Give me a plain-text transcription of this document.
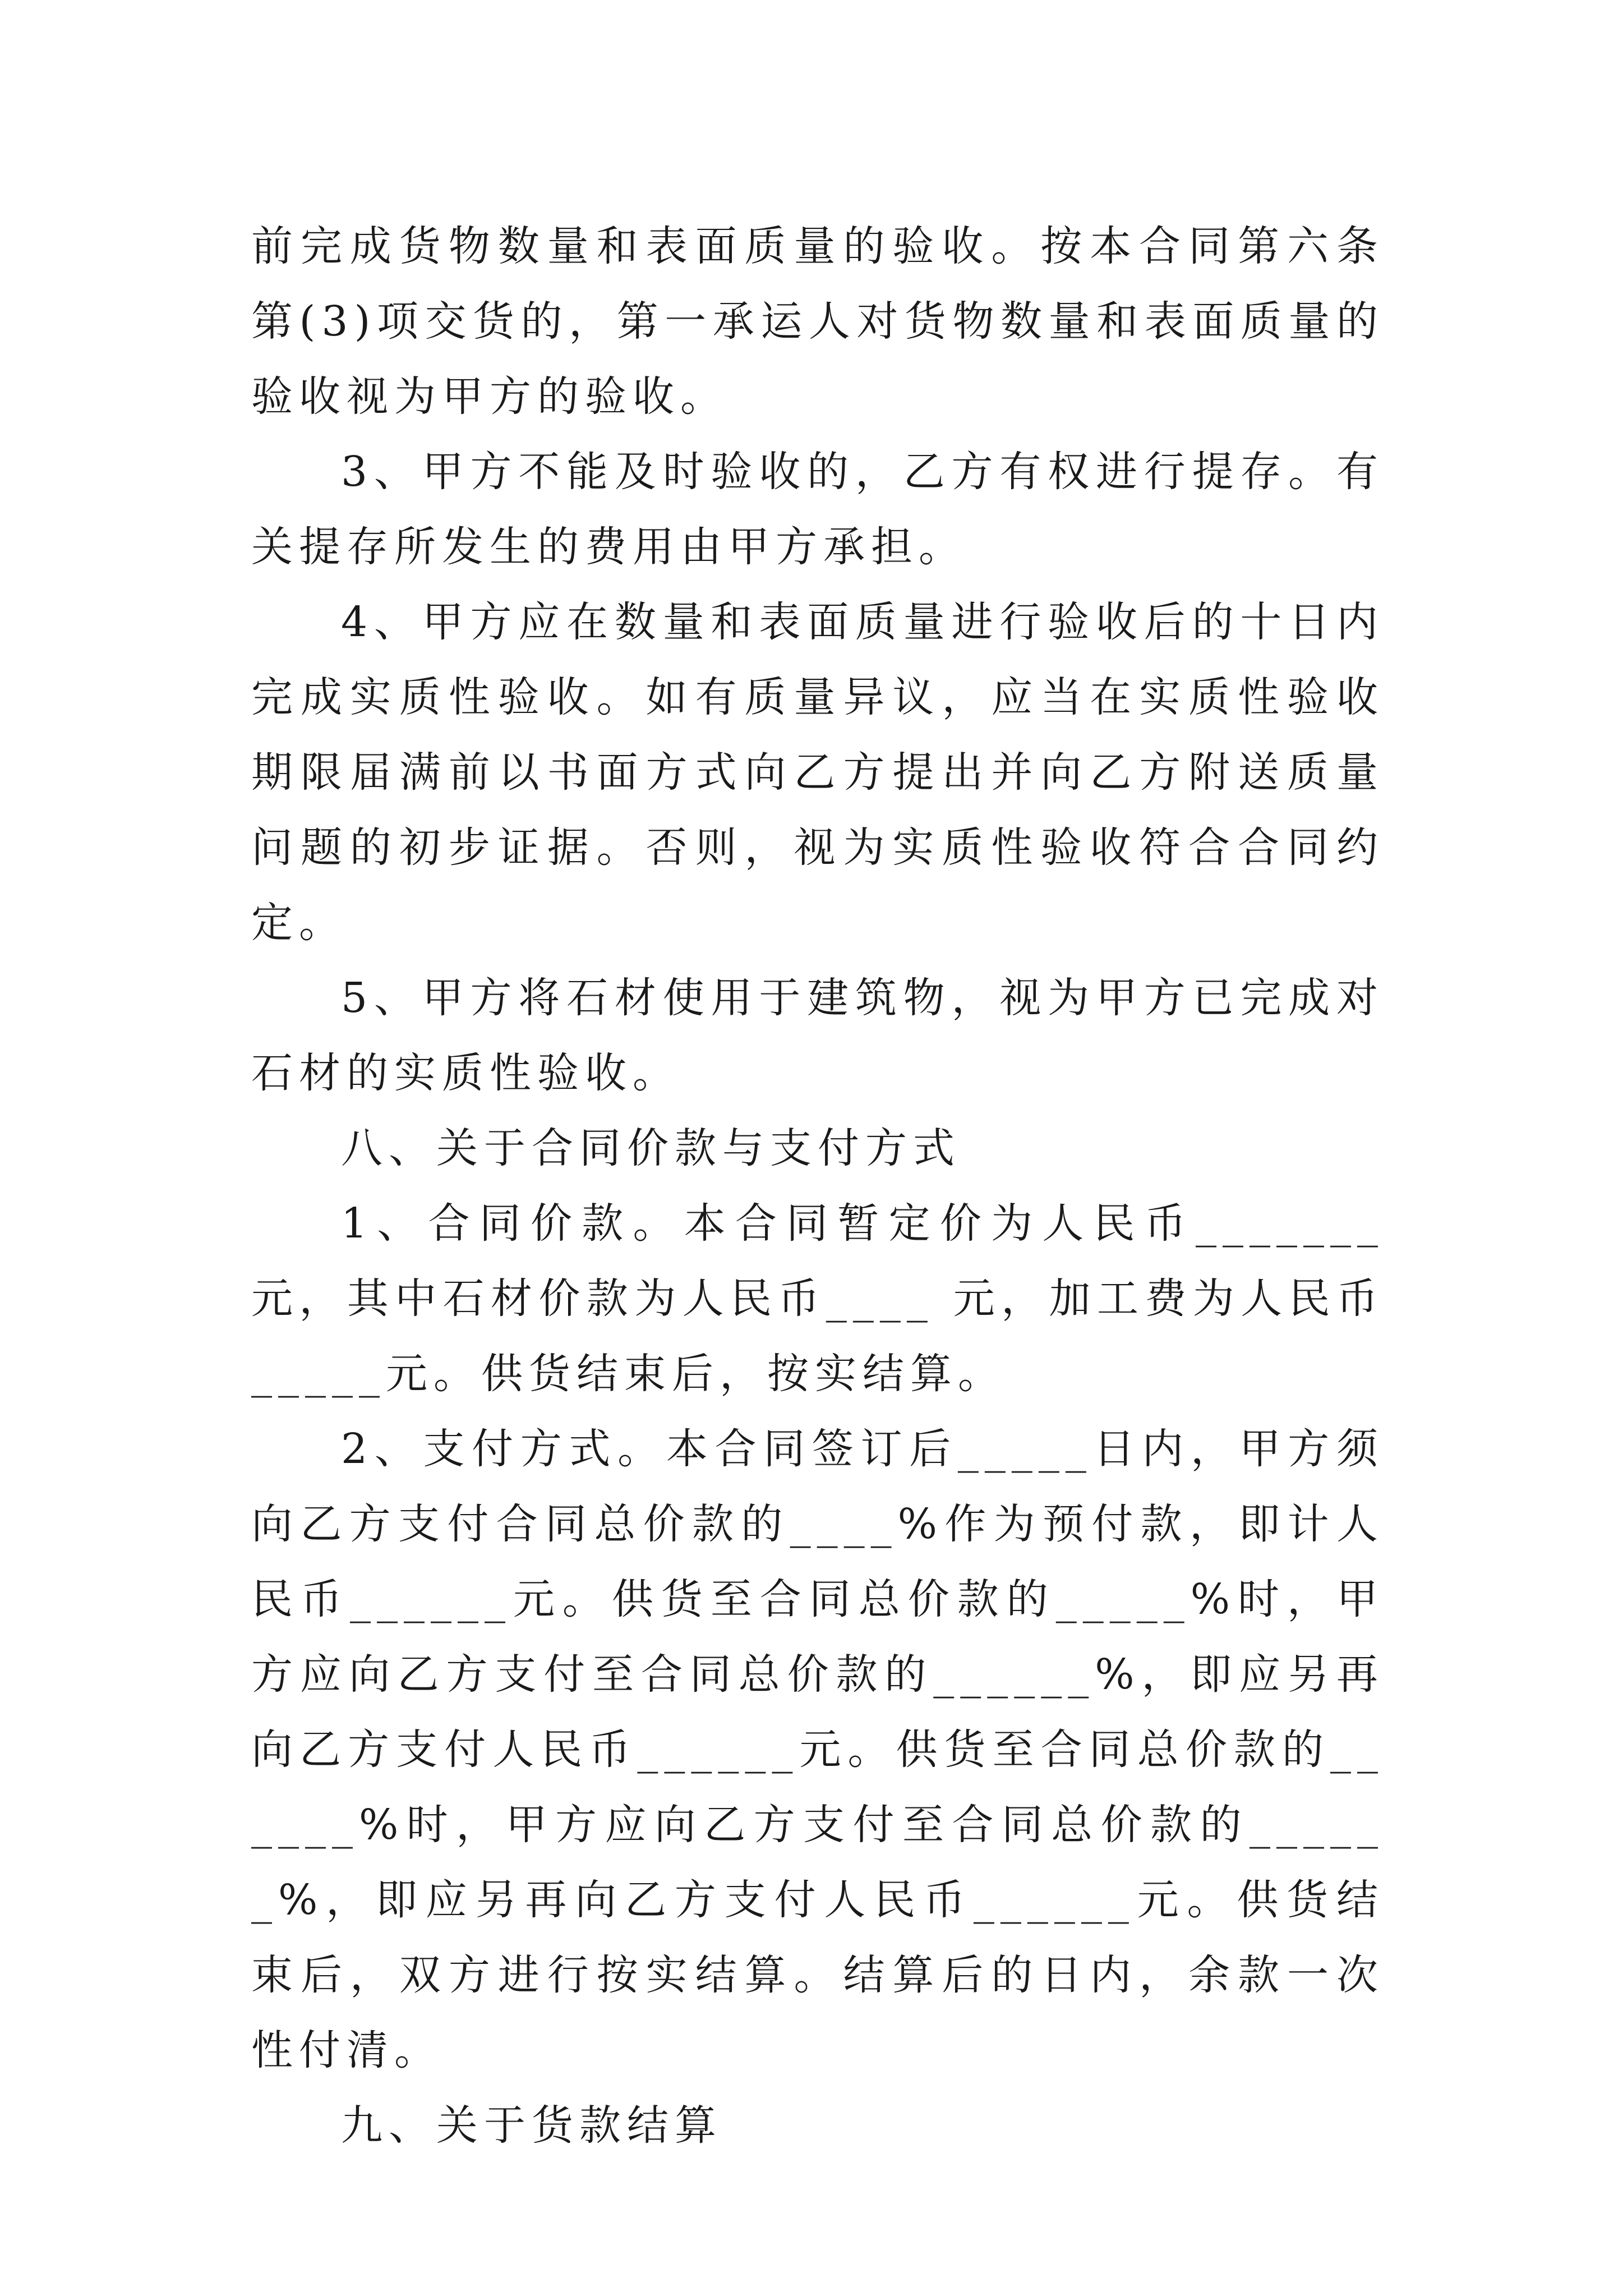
前完成货物数量和表面质量的验收。按本合同第六条第(3)项交货的，第一承运人对货物数量和表面质量的验收视为甲方的验收。

3、甲方不能及时验收的，乙方有权进行提存。有关提存所发生的费用由甲方承担。

4、甲方应在数量和表面质量进行验收后的十日内完成实质性验收。如有质量异议，应当在实质性验收期限届满前以书面方式向乙方提出并向乙方附送质量问题的初步证据。否则，视为实质性验收符合合同约定。

5、甲方将石材使用于建筑物，视为甲方已完成对石材的实质性验收。

八、关于合同价款与支付方式

1、合同价款。本合同暂定价为人民币_______元，其中石材价款为人民币____ 元，加工费为人民币_____元。供货结束后，按实结算。

2、支付方式。本合同签订后_____日内，甲方须向乙方支付合同总价款的____%作为预付款，即计人民币______元。供货至合同总价款的_____%时，甲方应向乙方支付至合同总价款的______%，即应另再向乙方支付人民币______元。供货至合同总价款的______%时，甲方应向乙方支付至合同总价款的______%，即应另再向乙方支付人民币______元。供货结束后，双方进行按实结算。结算后的日内，余款一次性付清。

九、关于货款结算
